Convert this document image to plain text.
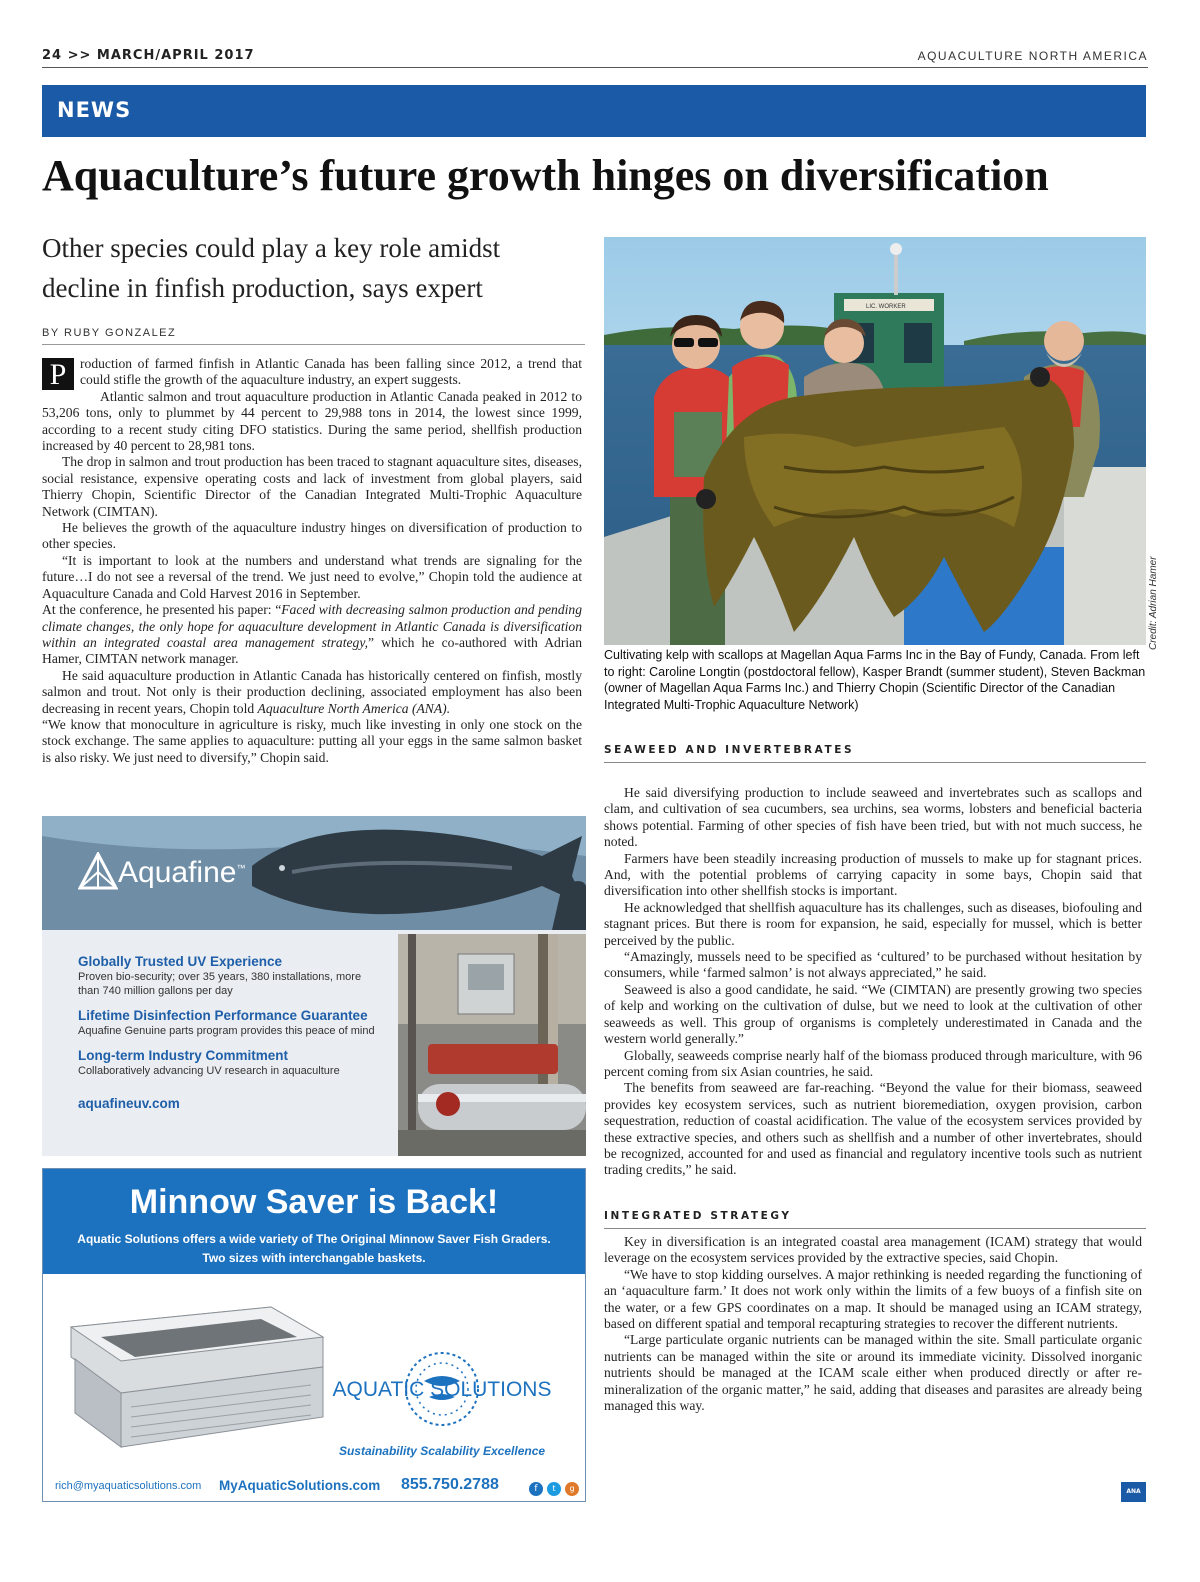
24 >> MARCH/APRIL 2017	AQUACULTURE NORTH AMERICA
NEWS
Aquaculture’s future growth hinges on diversification
Other species could play a key role amidst decline in finfish production, says expert
BY RUBY GONZALEZ

P	roduction of farmed finfish in Atlantic Canada has been falling since 2012, a trend that could stifle the growth of the aquaculture industry, an expert suggests.

Atlantic salmon and trout aquaculture production in Atlantic Canada peaked in 2012 to 53,206 tons, only to plummet by 44 percent to 29,988 tons in 2014, the lowest since 1999, according to a recent study citing DFO statistics. During the same period, shellfish production increased by 40 percent to 28,981 tons.

The drop in salmon and trout production has been traced to stagnant aquaculture sites, diseases, social resistance, expensive operating costs and lack of investment from global players, said Thierry Chopin, Scientific Director of the Canadian Integrated Multi-Trophic Aquaculture Network (CIMTAN).

He believes the growth of the aquaculture industry hinges on diversification of production to other species.

“It is important to look at the numbers and understand what trends are signaling for the future…I do not see a reversal of the trend. We just need to evolve,” Chopin told the audience at Aquaculture Canada and Cold Harvest 2016 in September.

At the conference, he presented his paper: “Faced with decreasing salmon production and pending climate changes, the only hope for aquaculture development in Atlantic Canada is diversification within an integrated coastal area management strategy,” which he co-authored with Adrian Hamer, CIMTAN network manager.

He said aquaculture production in Atlantic Canada has historically centered on finfish, mostly salmon and trout. Not only is their production declining, associated employment has also been decreasing in recent years, Chopin told Aquaculture North America (ANA).

“We know that monoculture in agriculture is risky, much like investing in only one stock on the stock exchange. The same applies to aquaculture: putting all your eggs in the same salmon basket is also risky. We just need to diversify,” Chopin said.

LIC. WORKER
Credit: Adrian Hamer
Cultivating kelp with scallops at Magellan Aqua Farms Inc in the Bay of Fundy, Canada. From left to right: Caroline Longtin (postdoctoral fellow), Kasper Brandt (summer student), Steven Backman (owner of Magellan Aqua Farms Inc.) and Thierry Chopin (Scientific Director of the Canadian Integrated Multi-Trophic Aquaculture Network)
SEAWEED AND INVERTEBRATES

He said diversifying production to include seaweed and invertebrates such as scallops and clam, and cultivation of sea cucumbers, sea urchins, sea worms, lobsters and beneficial bacteria shows potential. Farming of other species of fish have been tried, but with not much success, he noted.

Farmers have been steadily increasing production of mussels to make up for stagnant prices. And, with the potential problems of carrying capacity in some bays, Chopin said that diversification into other shellfish stocks is important.

He acknowledged that shellfish aquaculture has its challenges, such as diseases, biofouling and stagnant prices. But there is room for expansion, he said, especially for mussel, which is better perceived by the public.

“Amazingly, mussels need to be specified as ‘cultured’ to be purchased without hesitation by consumers, while ‘farmed salmon’ is not always appreciated,” he said.

Seaweed is also a good candidate, he said. “We (CIMTAN) are presently growing two species of kelp and working on the cultivation of dulse, but we need to look at the cultivation of other seaweeds as well. This group of organisms is completely underestimated in Canada and the western world generally.”

Globally, seaweeds comprise nearly half of the biomass produced through mariculture, with 96 percent coming from six Asian countries, he said.

The benefits from seaweed are far-reaching. “Beyond the value for their biomass, seaweed provides key ecosystem services, such as nutrient bioremediation, oxygen provision, carbon sequestration, reduction of coastal acidification. The value of the ecosystem services provided by these extractive species, and others such as shellfish and a number of other invertebrates, should be recognized, accounted for and used as financial and regulatory incentive tools such as nutrient trading credits,” he said.

INTEGRATED STRATEGY

Key in diversification is an integrated coastal area management (ICAM) strategy that would leverage on the ecosystem services provided by the extractive species, said Chopin.

“We have to stop kidding ourselves. A major rethinking is needed regarding the functioning of an ‘aquaculture farm.’ It does not work only within the limits of a few buoys of a finfish site on the water, or a few GPS coordinates on a map. It should be managed using an ICAM strategy, based on different spatial and temporal recapturing strategies to recover the different nutrients.

“Large particulate organic nutrients can be managed within the site. Small particulate organic nutrients can be managed within the site or around its immediate vicinity. Dissolved inorganic nutrients should be managed at the ICAM scale either when produced directly or after re-mineralization of the organic matter,” he said, adding that diseases and parasites are already being managed this way.

Aquafine™

Globally Trusted UV Experience

Proven bio-security; over 35 years, 380 installations, more than 740 million gallons per day

Lifetime Disinfection Performance Guarantee

Aquafine Genuine parts program provides this peace of mind

Long-term Industry Commitment

Collaboratively advancing UV research in aquaculture

aquafineuv.com

Minnow Saver is Back!
Aquatic Solutions offers a wide variety of The Original Minnow Saver Fish Graders.
Two sizes with interchangable baskets.
AQUATIC SOLUTIONS
Sustainability Scalability Excellence
rich@myaquaticsolutions.com MyAquaticSolutions.com 855.750.2788	f t g	ANA
